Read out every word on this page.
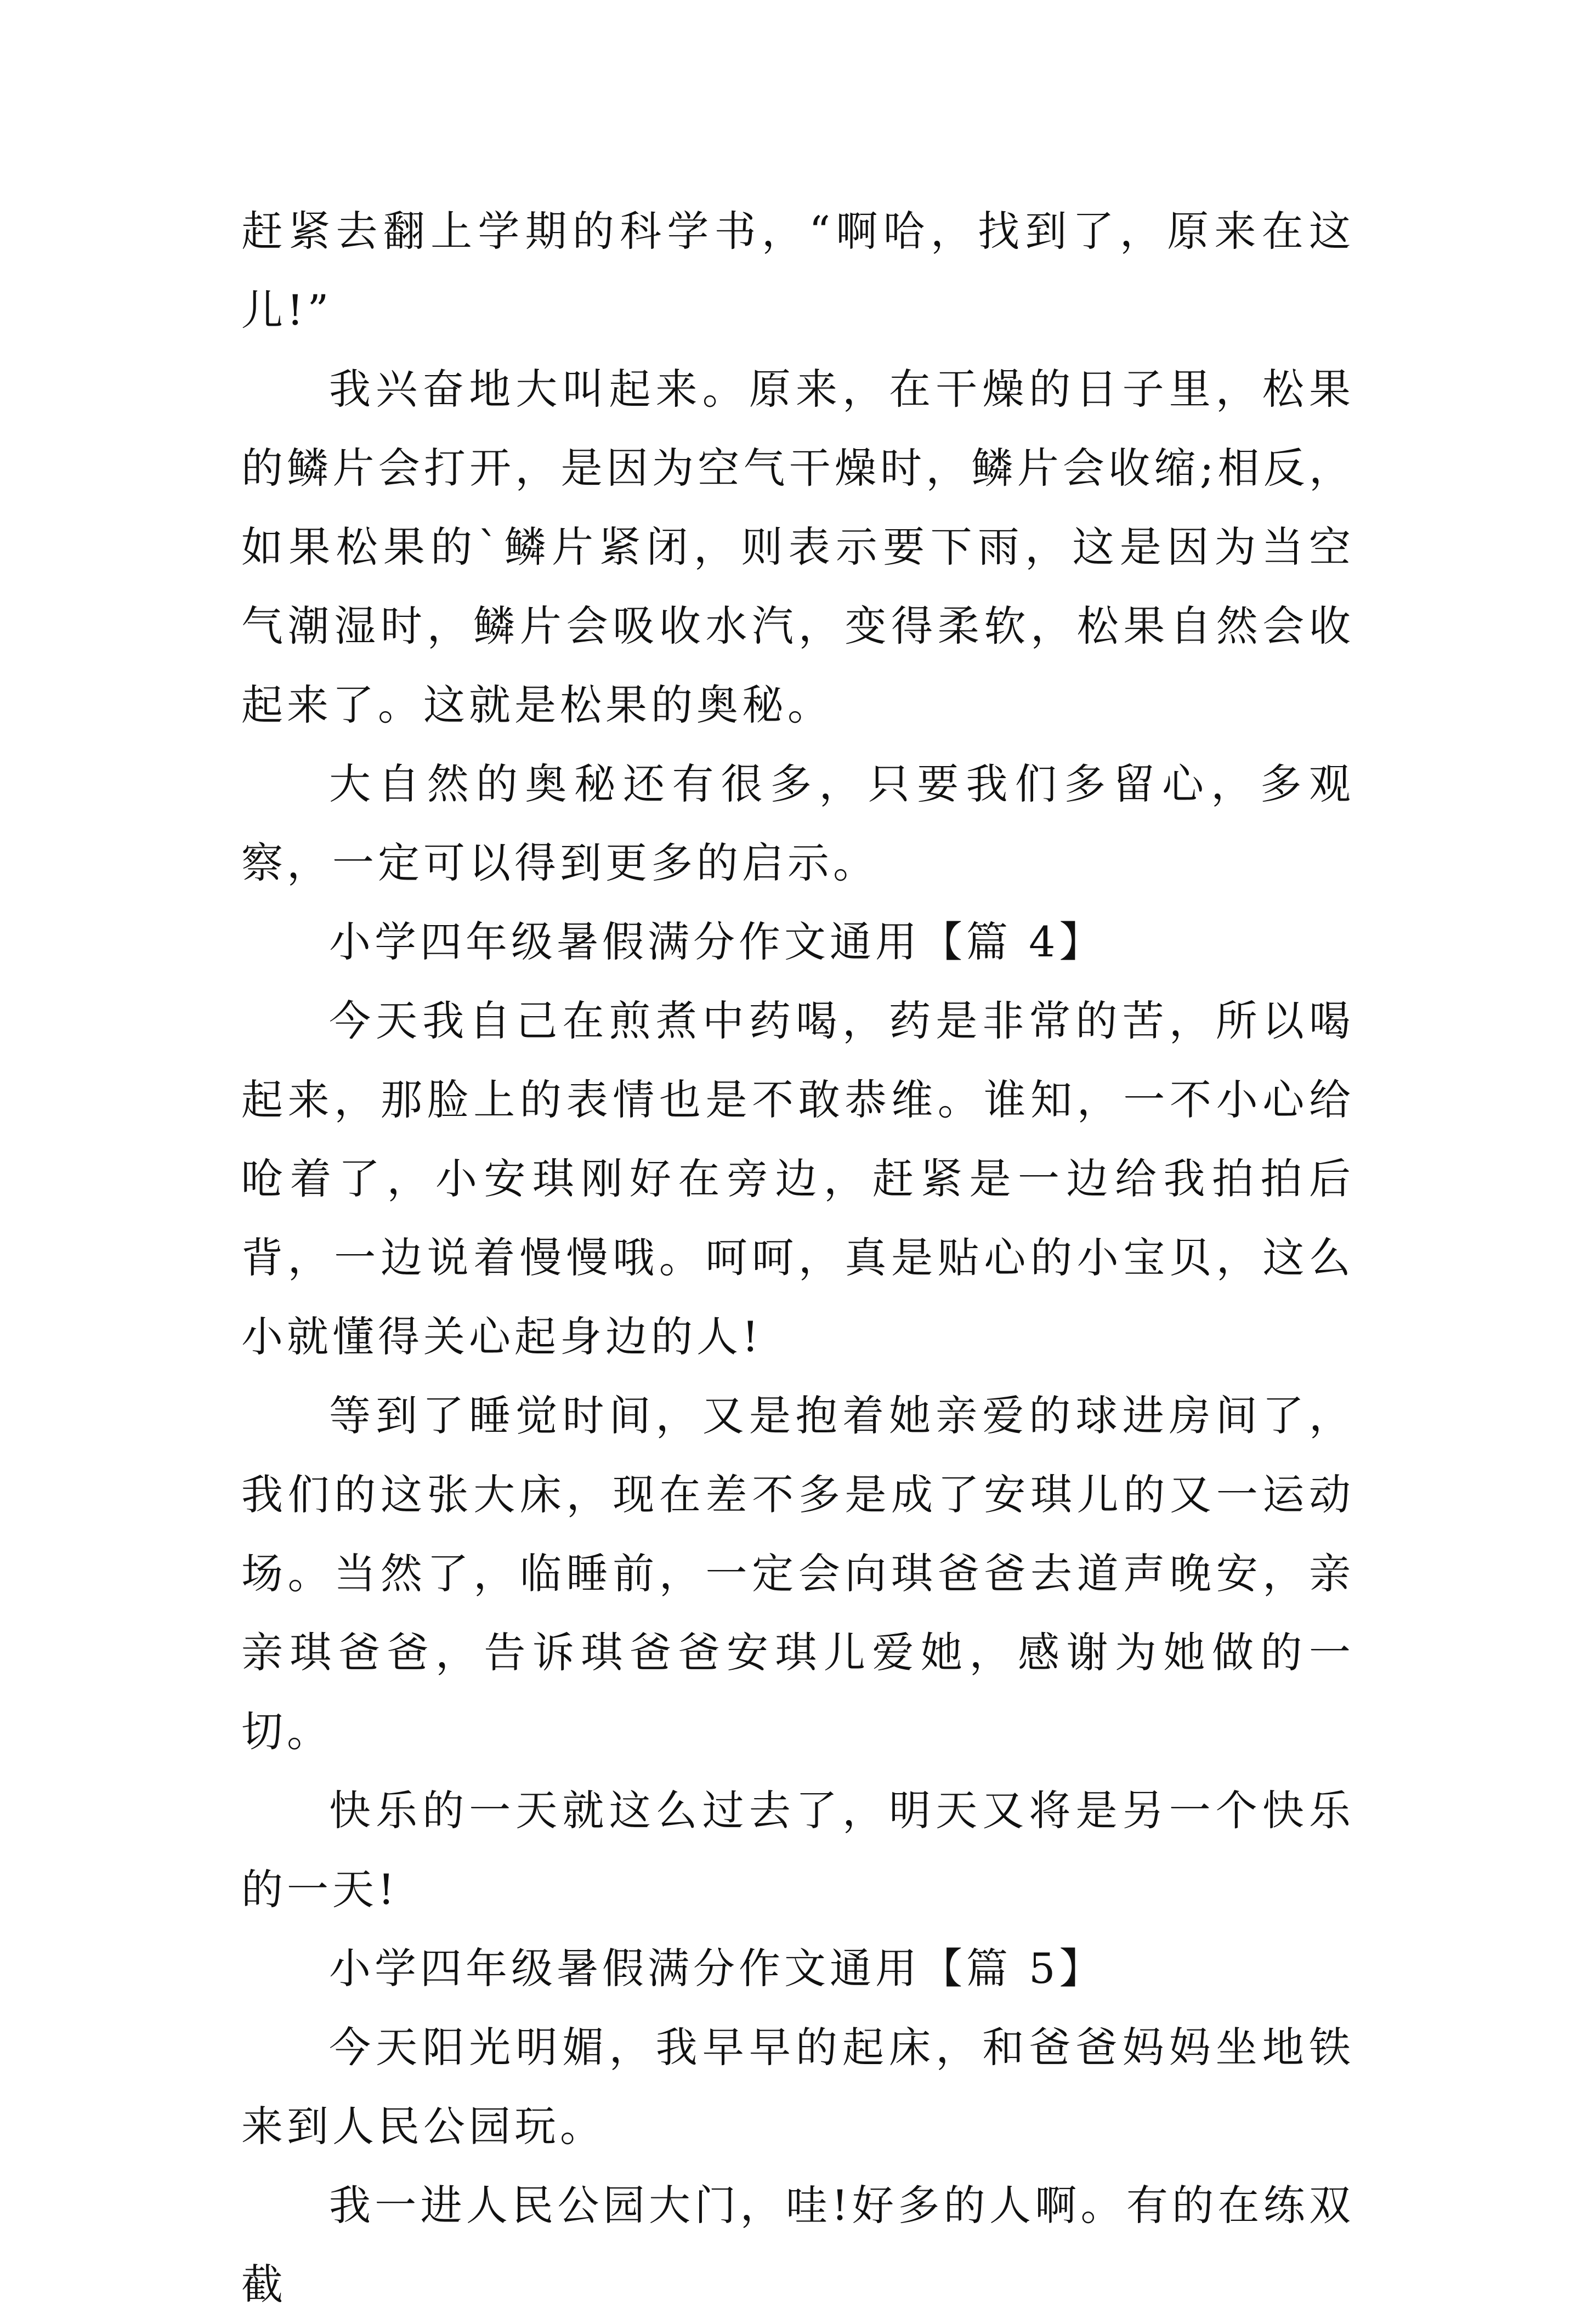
赶紧去翻上学期的科学书，“啊哈，找到了，原来在这儿!”

我兴奋地大叫起来。原来，在干燥的日子里，松果的鳞片会打开，是因为空气干燥时，鳞片会收缩;相反，如果松果的`鳞片紧闭，则表示要下雨，这是因为当空气潮湿时，鳞片会吸收水汽，变得柔软，松果自然会收起来了。这就是松果的奥秘。

大自然的奥秘还有很多，只要我们多留心，多观察，一定可以得到更多的启示。

小学四年级暑假满分作文通用【篇 4】

今天我自己在煎煮中药喝，药是非常的苦，所以喝起来，那脸上的表情也是不敢恭维。谁知，一不小心给呛着了，小安琪刚好在旁边，赶紧是一边给我拍拍后背，一边说着慢慢哦。呵呵，真是贴心的小宝贝，这么小就懂得关心起身边的人!

等到了睡觉时间，又是抱着她亲爱的球进房间了，我们的这张大床，现在差不多是成了安琪儿的又一运动场。当然了，临睡前，一定会向琪爸爸去道声晚安，亲亲琪爸爸，告诉琪爸爸安琪儿爱她，感谢为她做的一切。

快乐的一天就这么过去了，明天又将是另一个快乐的一天!

小学四年级暑假满分作文通用【篇 5】

今天阳光明媚，我早早的起床，和爸爸妈妈坐地铁来到人民公园玩。

我一进人民公园大门，哇!好多的人啊。有的在练双截
